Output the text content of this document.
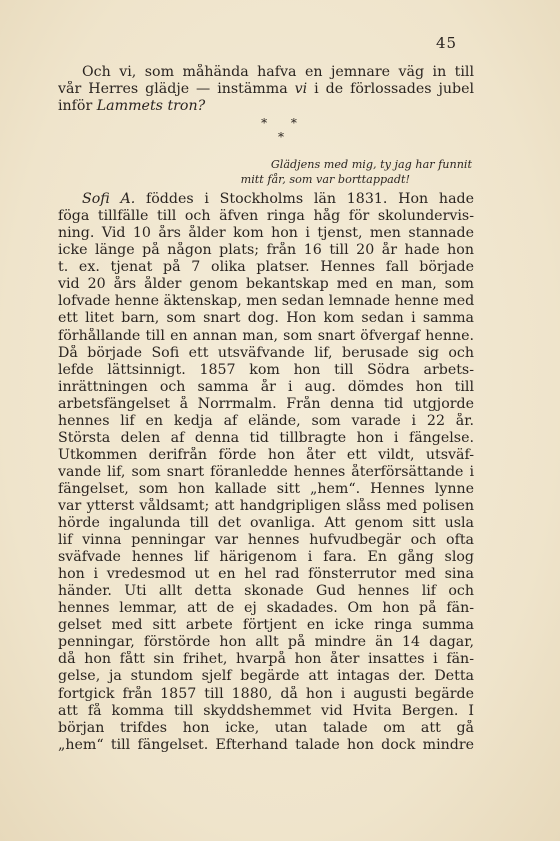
45
Och vi, som måhända hafva en jemnare väg in till
vår Herres glädje — instämma vi i de förlossades jubel
inför Lammets tron?
* *
*
Glädjens med mig, ty jag har funnit
mitt får, som var borttappadt!
Sofi A. föddes i Stockholms län 1831. Hon hade
fögа tillfälle till och äfven ringa håg för skolundervis-
ning. Vid 10 års ålder kom hon i tjenst, men stannade
icke länge på någon plats; från 16 till 20 år hade hon
t. ex. tjenat på 7 olika platser. Hennes fall började
vid 20 års ålder genom bekantskap med en man, som
lofvade henne äktenskap, men sedan lemnade henne med
ett litet barn, som snart dog. Hon kom sedan i samma
förhållande till en annan man, som snart öfvergaf henne.
Då började Sofi ett utsväfvande lif, berusade sig och
lefde lättsinnigt. 1857 kom hon till Södra arbets-
inrättningen och samma år i aug. dömdes hon till
arbetsfängelset å Norrmalm. Från denna tid utgjorde
hennes lif en kedja af elände, som varade i 22 år.
Största delen af denna tid tillbragte hon i fängelse.
Utkommen derifrån förde hon åter ett vildt, utsväf-
vande lif, som snart föranledde hennes återförsättande i
fängelset, som hon kallade sitt „hem“. Hennes lynne
var ytterst våldsamt; att handgripligen slåss med polisen
hörde ingalunda till det ovanliga. Att genom sitt usla
lif vinna penningar var hennes hufvudbegär och ofta
sväfvade hennes lif härigenom i fara. En gång slog
hon i vredesmod ut en hel rad fönsterrutor med sina
händer. Uti allt detta skonade Gud hennes lif och
hennes lemmar, att de ej skadades. Om hon på fän-
gelset med sitt arbete förtjent en icke ringa summa
penningar, förstörde hon allt på mindre än 14 dagar,
då hon fått sin frihet, hvarpå hon åter insattes i fän-
gelse, ja stundom sjelf begärde att intagas der. Detta
fortgick från 1857 till 1880, då hon i augusti begärde
att få komma till skyddshemmet vid Hvita Bergen. I
början trifdes hon icke, utan talade om att gå
„hem“ till fängelset. Efterhand talade hon dock mindre
